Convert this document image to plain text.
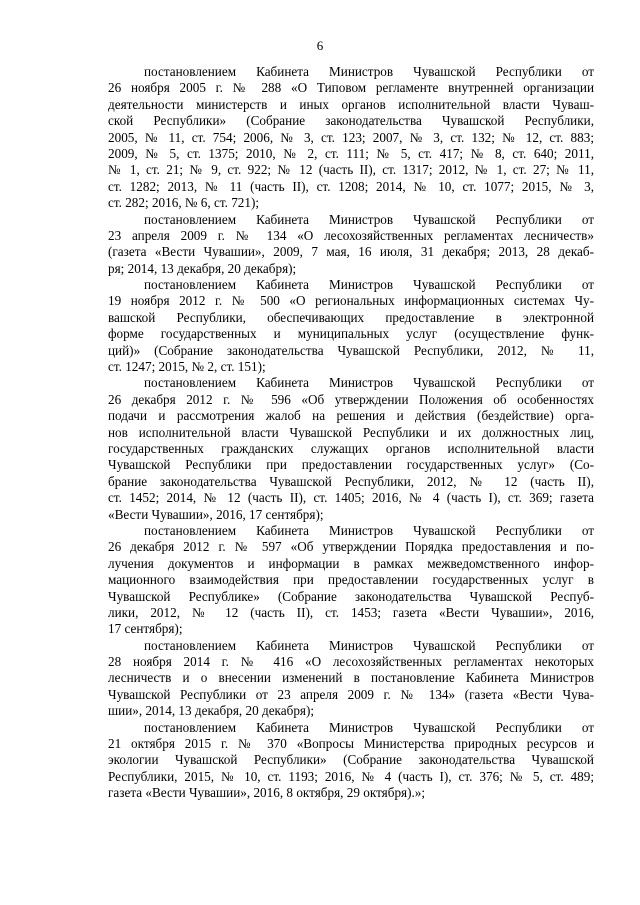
6
постановлением Кабинета Министров Чувашской Республики от
26 ноября 2005 г. № 288 «О Типовом регламенте внутренней организации
деятельности министерств и иных органов исполнительной власти Чуваш-
ской Республики» (Собрание законодательства Чувашской Республики,
2005, № 11, ст. 754; 2006, № 3, ст. 123; 2007, № 3, ст. 132; № 12, ст. 883;
2009, № 5, ст. 1375; 2010, № 2, ст. 111; № 5, ст. 417; № 8, ст. 640; 2011,
№ 1, ст. 21; № 9, ст. 922; № 12 (часть II), ст. 1317; 2012, № 1, ст. 27; № 11,
ст. 1282; 2013, № 11 (часть II), ст. 1208; 2014, № 10, ст. 1077; 2015, № 3,
ст. 282; 2016, № 6, ст. 721);
постановлением Кабинета Министров Чувашской Республики от
23 апреля 2009 г. № 134 «О лесохозяйственных регламентах лесничеств»
(газета «Вести Чувашии», 2009, 7 мая, 16 июля, 31 декабря; 2013, 28 декаб-
ря; 2014, 13 декабря, 20 декабря);
постановлением Кабинета Министров Чувашской Республики от
19 ноября 2012 г. № 500 «О региональных информационных системах Чу-
вашской Республики, обеспечивающих предоставление в электронной
форме государственных и муниципальных услуг (осуществление функ-
ций)» (Собрание законодательства Чувашской Республики, 2012, № 11,
ст. 1247; 2015, № 2, ст. 151);
постановлением Кабинета Министров Чувашской Республики от
26 декабря 2012 г. № 596 «Об утверждении Положения об особенностях
подачи и рассмотрения жалоб на решения и действия (бездействие) орга-
нов исполнительной власти Чувашской Республики и их должностных лиц,
государственных гражданских служащих органов исполнительной власти
Чувашской Республики при предоставлении государственных услуг» (Со-
брание законодательства Чувашской Республики, 2012, № 12 (часть II),
ст. 1452; 2014, № 12 (часть II), ст. 1405; 2016, № 4 (часть I), ст. 369; газета
«Вести Чувашии», 2016, 17 сентября);
постановлением Кабинета Министров Чувашской Республики от
26 декабря 2012 г. № 597 «Об утверждении Порядка предоставления и по-
лучения документов и информации в рамках межведомственного инфор-
мационного взаимодействия при предоставлении государственных услуг в
Чувашской Республике» (Собрание законодательства Чувашской Респуб-
лики, 2012, № 12 (часть II), ст. 1453; газета «Вести Чувашии», 2016,
17 сентября);
постановлением Кабинета Министров Чувашской Республики от
28 ноября 2014 г. № 416 «О лесохозяйственных регламентах некоторых
лесничеств и о внесении изменений в постановление Кабинета Министров
Чувашской Республики от 23 апреля 2009 г. № 134» (газета «Вести Чува-
шии», 2014, 13 декабря, 20 декабря);
постановлением Кабинета Министров Чувашской Республики от
21 октября 2015 г. № 370 «Вопросы Министерства природных ресурсов и
экологии Чувашской Республики» (Собрание законодательства Чувашской
Республики, 2015, № 10, ст. 1193; 2016, № 4 (часть I), ст. 376; № 5, ст. 489;
газета «Вести Чувашии», 2016, 8 октября, 29 октября).»;
